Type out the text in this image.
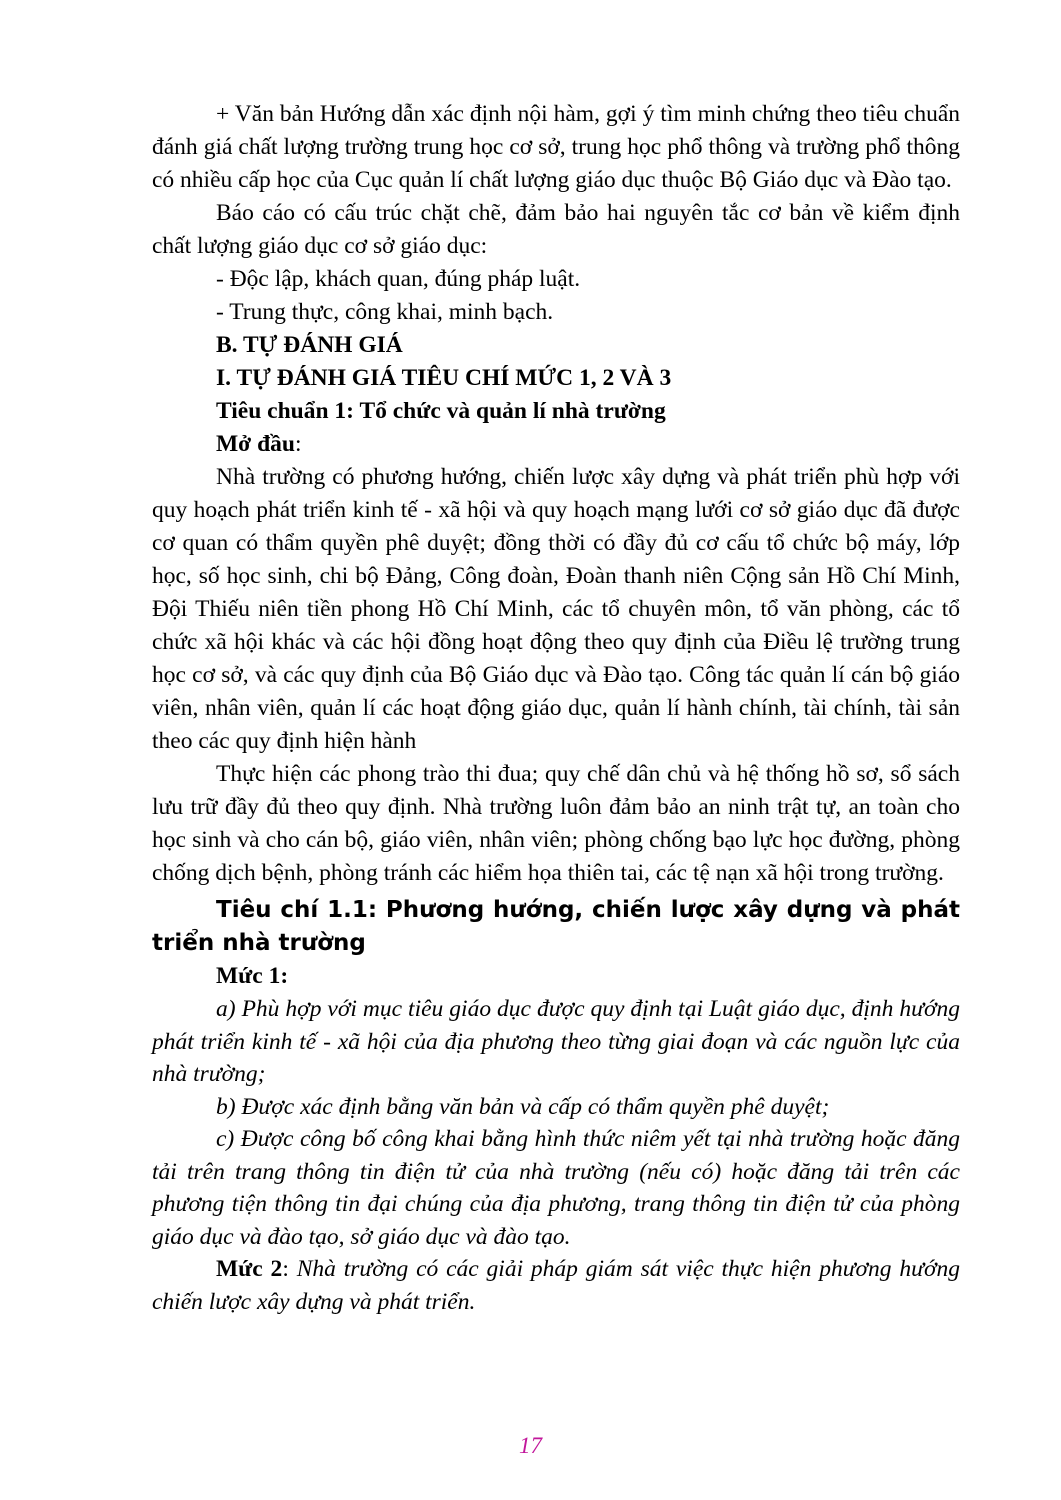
+ Văn bản Hướng dẫn xác định nội hàm, gợi ý tìm minh chứng theo tiêu chuẩn đánh giá chất lượng trường trung học cơ sở, trung học phổ thông và trường phổ thông có nhiều cấp học của Cục quản lí chất lượng giáo dục thuộc Bộ Giáo dục và Đào tạo.

Báo cáo có cấu trúc chặt chẽ, đảm bảo hai nguyên tắc cơ bản về kiểm định chất lượng giáo dục cơ sở giáo dục:

- Độc lập, khách quan, đúng pháp luật.

- Trung thực, công khai, minh bạch.

B. TỰ ĐÁNH GIÁ

I. TỰ ĐÁNH GIÁ TIÊU CHÍ MỨC 1, 2 VÀ 3

Tiêu chuẩn 1: Tổ chức và quản lí nhà trường

Mở đầu:

Nhà trường có phương hướng, chiến lược xây dựng và phát triển phù hợp với quy hoạch phát triển kinh tế - xã hội và quy hoạch mạng lưới cơ sở giáo dục đã được cơ quan có thẩm quyền phê duyệt; đồng thời có đầy đủ cơ cấu tổ chức bộ máy, lớp học, số học sinh, chi bộ Đảng, Công đoàn, Đoàn thanh niên Cộng sản Hồ Chí Minh, Đội Thiếu niên tiền phong Hồ Chí Minh, các tổ chuyên môn, tổ văn phòng, các tổ chức xã hội khác và các hội đồng hoạt động theo quy định của Điều lệ trường trung học cơ sở, và các quy định của Bộ Giáo dục và Đào tạo. Công tác quản lí cán bộ giáo viên, nhân viên, quản lí các hoạt động giáo dục, quản lí hành chính, tài chính, tài sản theo các quy định hiện hành

Thực hiện các phong trào thi đua; quy chế dân chủ và hệ thống hồ sơ, sổ sách lưu trữ đầy đủ theo quy định. Nhà trường luôn đảm bảo an ninh trật tự, an toàn cho học sinh và cho cán bộ, giáo viên, nhân viên; phòng chống bạo lực học đường, phòng chống dịch bệnh, phòng tránh các hiểm họa thiên tai, các tệ nạn xã hội trong trường.

Tiêu chí 1.1: Phương hướng, chiến lược xây dựng và phát triển nhà trường

Mức 1:

a) Phù hợp với mục tiêu giáo dục được quy định tại Luật giáo dục, định hướng phát triển kinh tế - xã hội của địa phương theo từng giai đoạn và các nguồn lực của nhà trường;

b) Được xác định bằng văn bản và cấp có thẩm quyền phê duyệt;

c) Được công bố công khai bằng hình thức niêm yết tại nhà trường hoặc đăng tải trên trang thông tin điện tử của nhà trường (nếu có) hoặc đăng tải trên các phương tiện thông tin đại chúng của địa phương, trang thông tin điện tử của phòng giáo dục và đào tạo, sở giáo dục và đào tạo.

Mức 2: Nhà trường có các giải pháp giám sát việc thực hiện phương hướng chiến lược xây dựng và phát triển.

17
